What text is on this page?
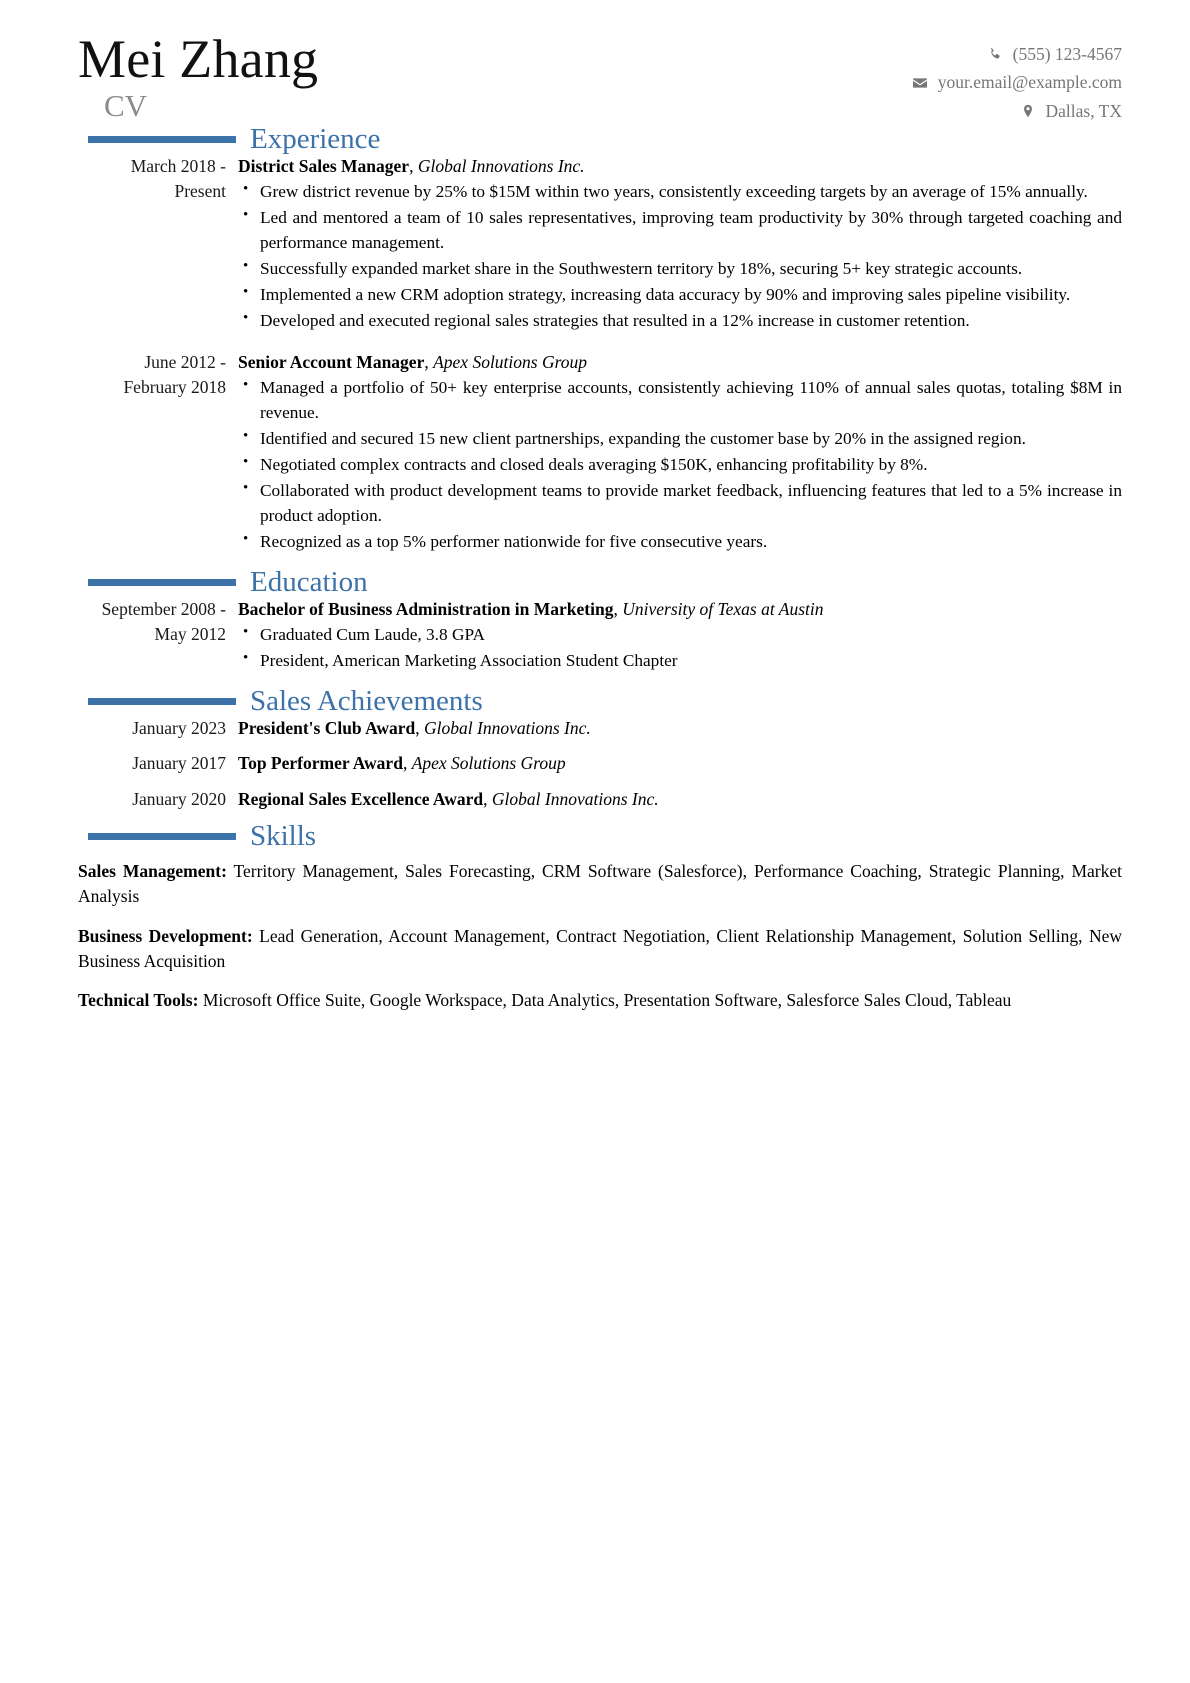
Mei Zhang
CV
(555) 123-4567
your.email@example.com
Dallas, TX
Experience
March 2018 - Present
District Sales Manager, Global Innovations Inc.
• Grew district revenue by 25% to $15M within two years, consistently exceeding targets by an average of 15% annually.
• Led and mentored a team of 10 sales representatives, improving team productivity by 30% through targeted coaching and performance management.
• Successfully expanded market share in the Southwestern territory by 18%, securing 5+ key strategic accounts.
• Implemented a new CRM adoption strategy, increasing data accuracy by 90% and improving sales pipeline visibility.
• Developed and executed regional sales strategies that resulted in a 12% increase in customer retention.
June 2012 - February 2018
Senior Account Manager, Apex Solutions Group
• Managed a portfolio of 50+ key enterprise accounts, consistently achieving 110% of annual sales quotas, totaling $8M in revenue.
• Identified and secured 15 new client partnerships, expanding the customer base by 20% in the assigned region.
• Negotiated complex contracts and closed deals averaging $150K, enhancing profitability by 8%.
• Collaborated with product development teams to provide market feedback, influencing features that led to a 5% increase in product adoption.
• Recognized as a top 5% performer nationwide for five consecutive years.
Education
September 2008 - May 2012
Bachelor of Business Administration in Marketing, University of Texas at Austin
• Graduated Cum Laude, 3.8 GPA
• President, American Marketing Association Student Chapter
Sales Achievements
January 2023 President's Club Award, Global Innovations Inc.
January 2017 Top Performer Award, Apex Solutions Group
January 2020 Regional Sales Excellence Award, Global Innovations Inc.
Skills
Sales Management: Territory Management, Sales Forecasting, CRM Software (Salesforce), Performance Coaching, Strategic Planning, Market Analysis
Business Development: Lead Generation, Account Management, Contract Negotiation, Client Relationship Management, Solution Selling, New Business Acquisition
Technical Tools: Microsoft Office Suite, Google Workspace, Data Analytics, Presentation Software, Salesforce Sales Cloud, Tableau
